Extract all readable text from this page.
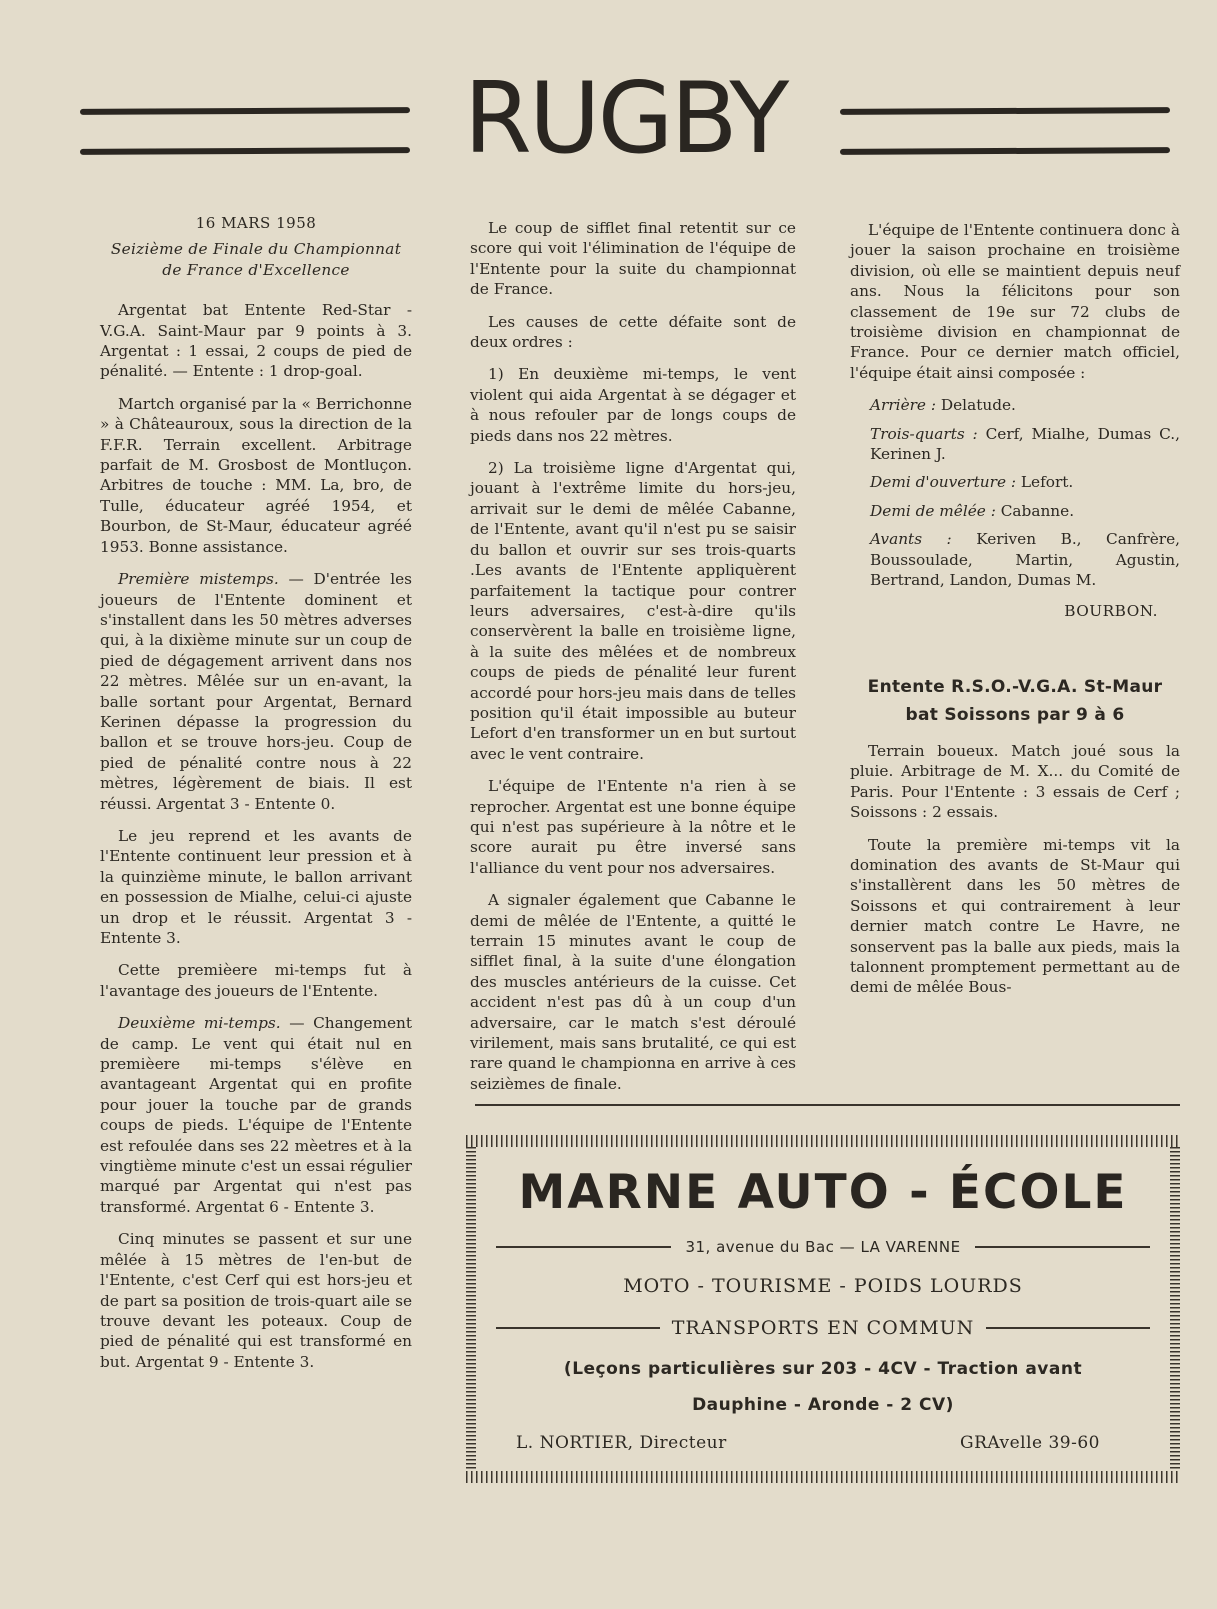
RUGBY
16 MARS 1958
Seizième de Finale du Championnat
de France d'Excellence

Argentat bat Entente Red-Star - V.G.A. Saint-Maur par 9 points à 3. Argentat : 1 essai, 2 coups de pied de pénalité. — Entente : 1 drop-goal.

Martch organisé par la « Berrichonne » à Châteauroux, sous la direction de la F.F.R. Terrain excellent. Arbitrage parfait de M. Grosbost de Montluçon. Arbitres de touche : MM. La, bro, de Tulle, éducateur agréé 1954, et Bourbon, de St-Maur, éducateur agréé 1953. Bonne assistance.

Première mistemps. — D'entrée les joueurs de l'Entente dominent et s'installent dans les 50 mètres adverses qui, à la dixième minute sur un coup de pied de dégagement arrivent dans nos 22 mètres. Mêlée sur un en-avant, la balle sortant pour Argentat, Bernard Kerinen dépasse la progression du ballon et se trouve hors-jeu. Coup de pied de pénalité contre nous à 22 mètres, légèrement de biais. Il est réussi. Argentat 3 - Entente 0.

Le jeu reprend et les avants de l'Entente continuent leur pression et à la quinzième minute, le ballon arrivant en possession de Mialhe, celui-ci ajuste un drop et le réussit. Argentat 3 - Entente 3.

Cette premièere mi-temps fut à l'avantage des joueurs de l'Entente.

Deuxième mi-temps. — Changement de camp. Le vent qui était nul en premièere mi-temps s'élève en avantageant Argentat qui en profite pour jouer la touche par de grands coups de pieds. L'équipe de l'Entente est refoulée dans ses 22 mèetres et à la vingtième minute c'est un essai régulier marqué par Argentat qui n'est pas transformé. Argentat 6 - Entente 3.

Cinq minutes se passent et sur une mêlée à 15 mètres de l'en-but de l'Entente, c'est Cerf qui est hors-jeu et de part sa position de trois-quart aile se trouve devant les poteaux. Coup de pied de pénalité qui est transformé en but. Argentat 9 - Entente 3.

Le coup de sifflet final retentit sur ce score qui voit l'élimination de l'équipe de l'Entente pour la suite du championnat de France.

Les causes de cette défaite sont de deux ordres :

1) En deuxième mi-temps, le vent violent qui aida Argentat à se dégager et à nous refouler par de longs coups de pieds dans nos 22 mètres.

2) La troisième ligne d'Argentat qui, jouant à l'extrême limite du hors-jeu, arrivait sur le demi de mêlée Cabanne, de l'Entente, avant qu'il n'est pu se saisir du ballon et ouvrir sur ses trois-quarts .Les avants de l'Entente appliquèrent parfaitement la tactique pour contrer leurs adversaires, c'est-à-dire qu'ils conservèrent la balle en troisième ligne, à la suite des mêlées et de nombreux coups de pieds de pénalité leur furent accordé pour hors-jeu mais dans de telles position qu'il était impossible au buteur Lefort d'en transformer un en but surtout avec le vent contraire.

L'équipe de l'Entente n'a rien à se reprocher. Argentat est une bonne équipe qui n'est pas supérieure à la nôtre et le score aurait pu être inversé sans l'alliance du vent pour nos adversaires.

A signaler également que Cabanne le demi de mêlée de l'Entente, a quitté le terrain 15 minutes avant le coup de sifflet final, à la suite d'une élongation des muscles antérieurs de la cuisse. Cet accident n'est pas dû à un coup d'un adversaire, car le match s'est déroulé virilement, mais sans brutalité, ce qui est rare quand le championna en arrive à ces seizièmes de finale.

L'équipe de l'Entente continuera donc à jouer la saison prochaine en troisième division, où elle se maintient depuis neuf ans. Nous la félicitons pour son classement de 19e sur 72 clubs de troisième division en championnat de France. Pour ce dernier match officiel, l'équipe était ainsi composée :

Arrière : Delatude.

Trois-quarts : Cerf, Mialhe, Dumas C., Kerinen J.

Demi d'ouverture : Lefort.

Demi de mêlée : Cabanne.

Avants : Keriven B., Canfrère, Boussoulade, Martin, Agustin, Bertrand, Landon, Dumas M.

BOURBON.
Entente R.S.O.-V.G.A. St-Maur
bat Soissons par 9 à 6

Terrain boueux. Match joué sous la pluie. Arbitrage de M. X... du Comité de Paris. Pour l'Entente : 3 essais de Cerf ; Soissons : 2 essais.

Toute la première mi-temps vit la domination des avants de St-Maur qui s'installèrent dans les 50 mètres de Soissons et qui contrairement à leur dernier match contre Le Havre, ne sonservent pas la balle aux pieds, mais la talonnent promptement permettant au de demi de mêlée Bous-

MARNE AUTO - ÉCOLE
31, avenue du Bac — LA VARENNE
MOTO - TOURISME - POIDS LOURDS
TRANSPORTS EN COMMUN
(Leçons particulières sur 203 - 4CV - Traction avant
Dauphine - Aronde - 2 CV)
L. NORTIER, Directeur	GRAvelle 39-60
